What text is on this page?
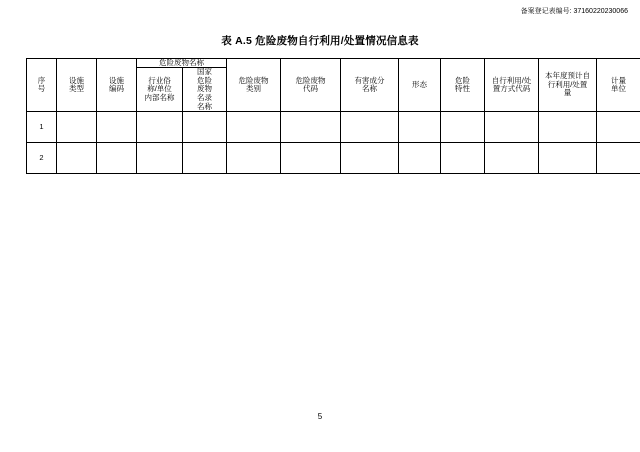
备案登记表编号: 37160220230066
表 A.5 危险废物自行利用/处置情况信息表
序号	设施类型	设施编码	危险废物名称		危险废物类别	危险废物代码	有害成分名称	形态	危险特性	自行利用/处置方式代码	本年度预计自行利用/处置量	计量单位

			行业俗称/单位内部名称	国家危险废物名录名称								

1												
2												
5
